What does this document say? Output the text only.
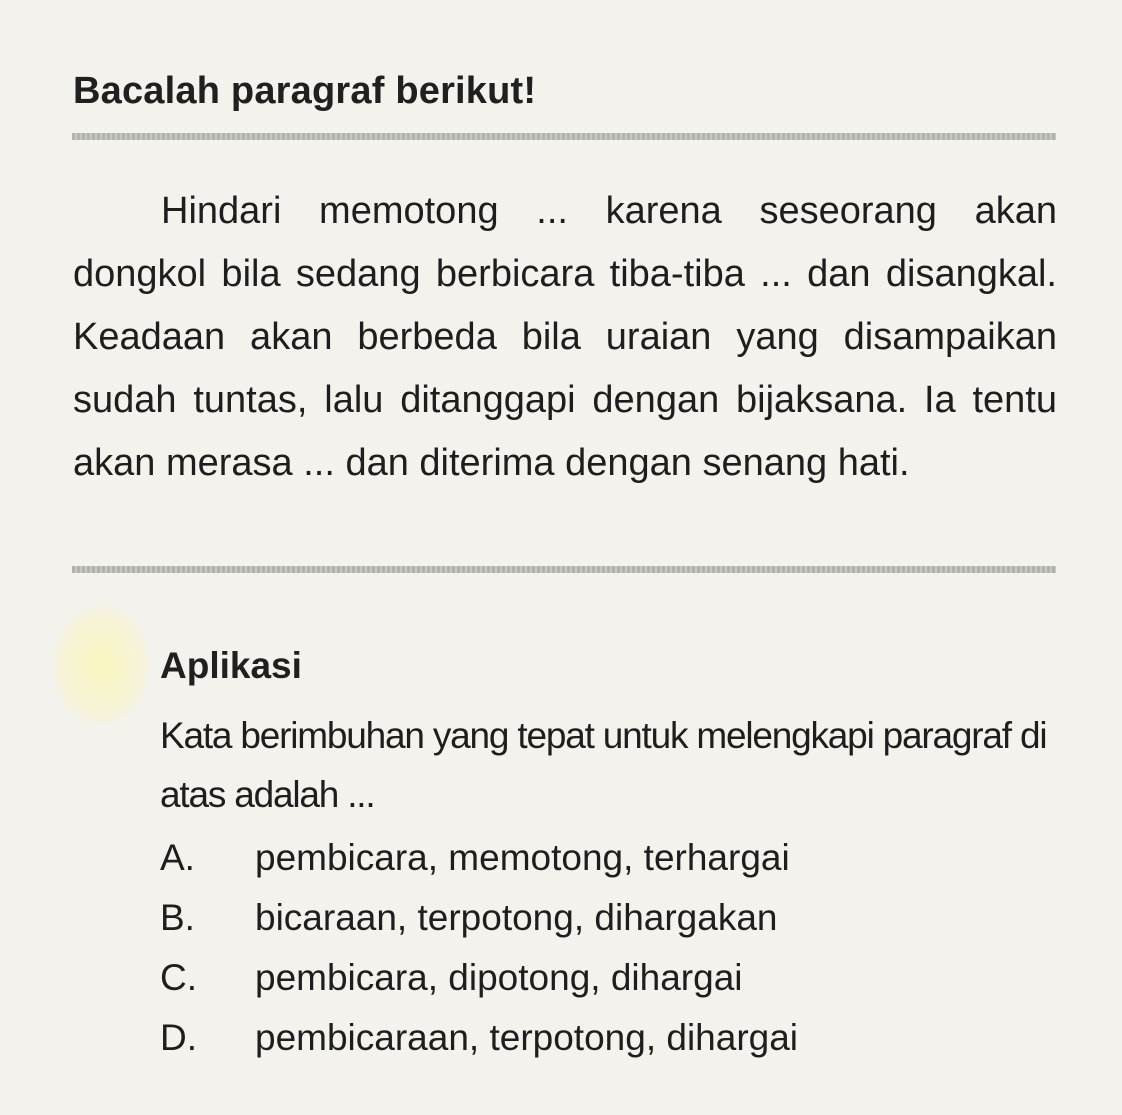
Bacalah paragraf berikut!

Hindari memotong ... karena seseorang akan dongkol bila sedang berbicara tiba-tiba ... dan disangkal. Keadaan akan berbeda bila uraian yang disampaikan sudah tuntas, lalu ditanggapi dengan bijaksana. Ia tentu akan merasa ... dan diterima dengan senang hati.

Aplikasi

Kata berimbuhan yang tepat untuk melengkapi paragraf di atas adalah ...

A. pembicara, memotong, terhargai
B. bicaraan, terpotong, dihargakan
C. pembicara, dipotong, dihargai
D. pembicaraan, terpotong, dihargai
